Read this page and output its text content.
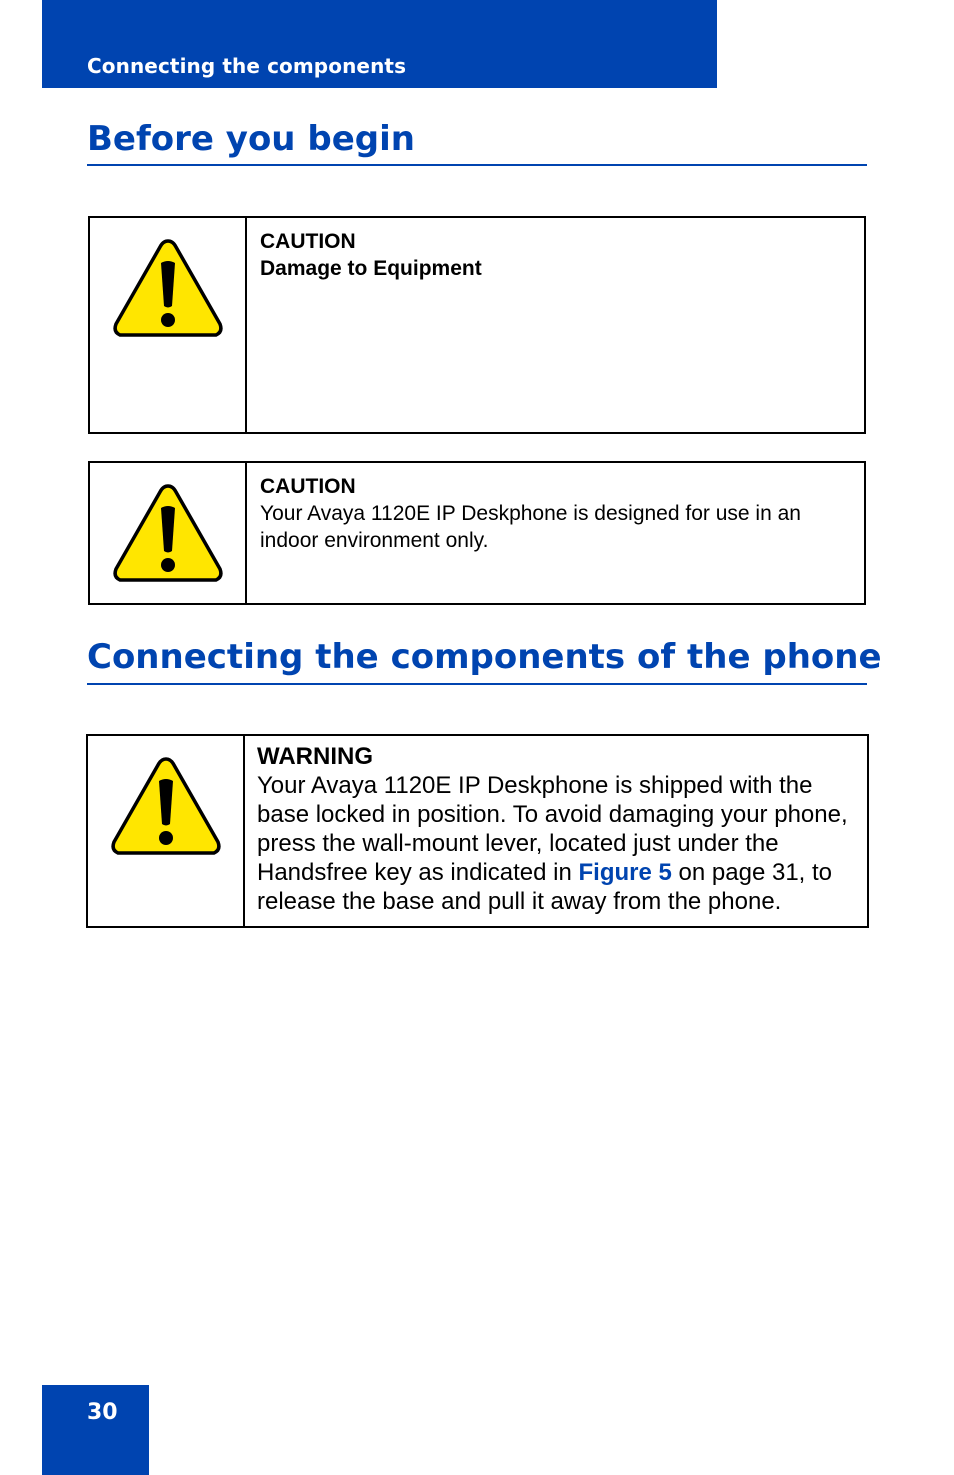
Connecting the components
Before you begin
CAUTION
Damage to Equipment
CAUTION
Your Avaya 1120E IP Deskphone is designed for use in an indoor environment only.
Connecting the components of the phone
WARNING
Your Avaya 1120E IP Deskphone is shipped with the base locked in position. To avoid damaging your phone, press the wall-mount lever, located just under the Handsfree key as indicated in Figure 5 on page 31, to release the base and pull it away from the phone.
30
